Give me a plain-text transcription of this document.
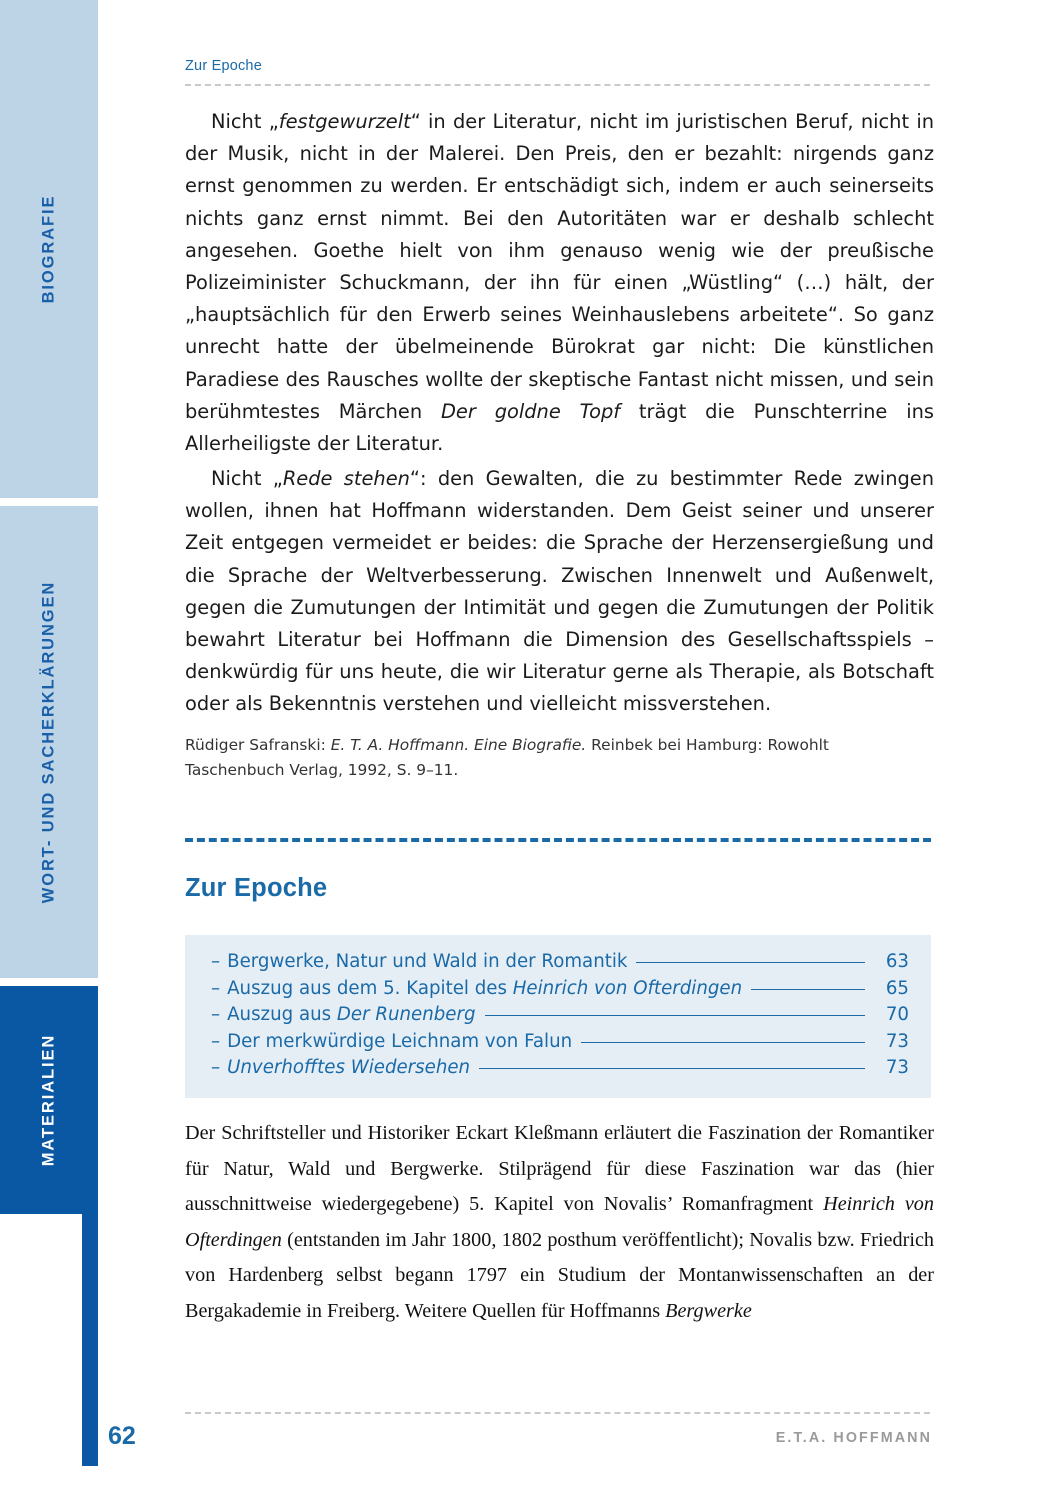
BIOGRAFIE
WORT- UND SACHERKLÄRUNGEN
MATERIALIEN
Zur Epoche

Nicht „festgewurzelt“ in der Literatur, nicht im juristischen Beruf, nicht in der Musik, nicht in der Malerei. Den Preis, den er bezahlt: nirgends ganz ernst genommen zu werden. Er entschädigt sich, indem er auch seinerseits nichts ganz ernst nimmt. Bei den Autoritäten war er deshalb schlecht angesehen. Goethe hielt von ihm genauso wenig wie der preußische Polizeiminister Schuckmann, der ihn für einen „Wüstling“ (…) hält, der „hauptsächlich für den Erwerb seines Weinhauslebens arbeitete“. So ganz unrecht hatte der übelmeinende Bürokrat gar nicht: Die künstlichen Paradiese des Rausches wollte der skeptische Fantast nicht missen, und sein berühmtestes Märchen Der goldne Topf trägt die Punschterrine ins Allerheiligste der Literatur.

Nicht „Rede stehen“: den Gewalten, die zu bestimmter Rede zwingen wollen, ihnen hat Hoffmann widerstanden. Dem Geist seiner und unserer Zeit entgegen vermeidet er beides: die Sprache der Herzensergießung und die Sprache der Weltverbesserung. Zwischen Innenwelt und Außenwelt, gegen die Zumutungen der Intimität und gegen die Zumutungen der Politik bewahrt Literatur bei Hoffmann die Dimension des Gesellschaftsspiels – denkwürdig für uns heute, die wir Literatur gerne als Therapie, als Botschaft oder als Bekenntnis verstehen und vielleicht missverstehen.

Rüdiger Safranski: E. T. A. Hoffmann. Eine Biografie. Reinbek bei Hamburg: Rowohlt Taschenbuch Verlag, 1992, S. 9–11.
Zur Epoche
– Bergwerke, Natur und Wald in der Romantik	63
– Auszug aus dem 5. Kapitel des Heinrich von Ofterdingen	65
– Auszug aus Der Runenberg	70
– Der merkwürdige Leichnam von Falun	73
– Unverhofftes Wiedersehen	73

Der Schriftsteller und Historiker Eckart Kleßmann erläutert die Faszination der Romantiker für Natur, Wald und Bergwerke. Stilprägend für diese Faszination war das (hier ausschnittweise wiedergegebene) 5. Kapitel von Novalis’ Romanfragment Heinrich von Ofterdingen (entstanden im Jahr 1800, 1802 posthum veröffentlicht); Novalis bzw. Friedrich von Hardenberg selbst begann 1797 ein Studium der Montanwissenschaften an der Bergakademie in Freiberg. Weitere Quellen für Hoffmanns Bergwerke

62	E.T.A. HOFFMANN
